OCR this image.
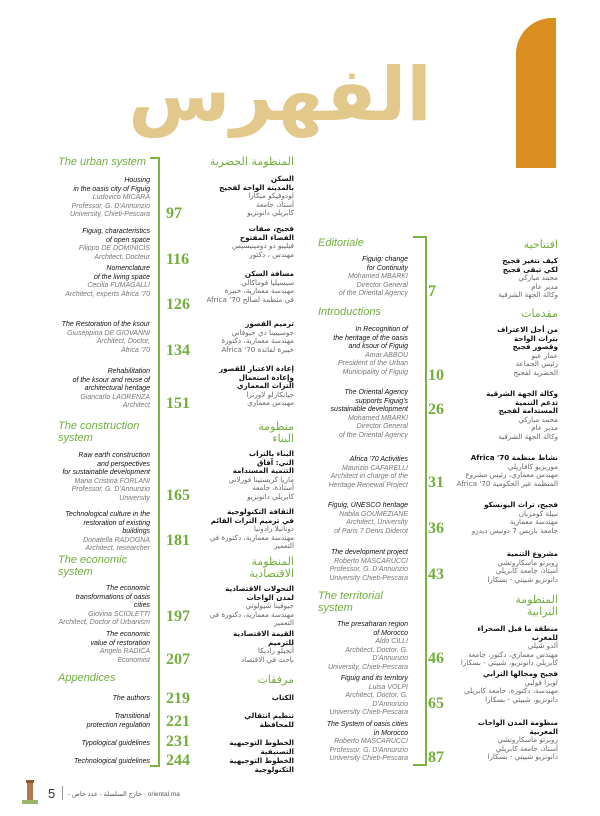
الفهرس
The urban system
Housing
in the oasis city of Figuig
Ludovico MICARA
Professor, G. D'Annunzio
University, Chieti-Pescara
Figuig, characteristics
of open space
Filippo DE DOMINICIS
Architect, Docteur
Nomenclature
of the living space
Cecilia FUMAGALLI
Architect, experts Africa '70
The Restoration of the ksour
Giuseppina DE GIOVANNI
Architect, Doctor,
Africa '70
Rehabilitation
of the ksour and reuse of
architectural heritage
Giancarlo LAORENZA
Architect
The construction
system
Raw earth construction
and perspectives
for sustainable development
Maria Cristina FORLANI
Professor, G. D'Annunzio
University
Technological culture in the
restoration of existing buildings
Donatella RADOGNA
Architect, researcher
The economic
system
The economic
transformations of oasis cities
Giovina SCIOLETTI
Architect, Doctor of Urbanism
The economic
value of restoration
Angelo RADICA
Economist
Appendices
The authors
Transitional
protection regulation
Typological guidelines
Technological guidelines
97
116
126
134
151
165
181
197
207
219
221
231
244
المنظومة الحضرية
السكن
بالمدينة الواحة لفجيج
لودوفيكو ميكارا
أستاذ، جامعة
كابريلي دانونزيو
فجيج، صفات
الفضاء المفتوح
فيليبو دو دومينيسيس
مهندس ، دكتور
مسافة السكن
سيسيليا فوماكالي
مهندسة معمارية، خبيرة
في منظمة لصالح Africa '70
ترميم القصور
جوسيبينا دي جيوفاني
مهندسة معمارية، دكتورة
خبيرة لفائدة Africa '70
إعادة الاعتبار للقصور
وإعادة استعمال
التراث المعماري
جيانكارلو لاورنزا
مهندس معماري
منظومة
البناء
البناء بالتراب
الني: آفاق
التنمية المستدامة
ماريا كريستينا فورلاني
أستاذة، جامعة
كابريلي دانونزيو
الثقافة التكنولوجية
في ترميم التراث القائم
دوناتيلا رادونيا
مهندسة معمارية، دكتورة في التعمير
المنظومة
الاقتصادية
التحولات الاقتصادية
لمدن الواحات
جيوفينا شيولوتي
مهندسة معمارية، دكتورة في التعمير
القيمة الاقتصادية
للترميم
أنجيلو راديكا
باحث في الاقتصاد
مرفقات
الكتاب
تنظيم انتقالي
للمحافظة
الخطوط التوجيهية التصنيفية
الخطوط التوجيهية التكنولوجية
Editoriale
Figuig: change
for Continuity
Mohamed MBARKI
Director General
of the Oriental Agency
Introductions
In Recognition of
the heritage of the oasis
and ksour of Figuig
Amar ABBOU
President of the Urban
Municipality of Figuig
The Oriental Agency
supports Figuig's
sustainable development
Mohamed MBARKI
Director General
of the Oriental Agency
Africa '70 Activities
Maurizio CAFARELLI
Architect in charge of the
Heritage Renewal Project
Figuig, UNESCO heritage
Nabila GOUMEZIANE
Architect, University
of Paris 7 Denis Diderot
The development project
Roberto MASCARUCCI
Professor, G. D'Annunzio
University Chieti-Pescara
The territorial
system
The presaharan region
of Morocco
Aldo CILLI
Architect, Doctor, G. D'Annunzio
University, Chieti-Pescara
Figuig and its territory
Luisa VOLPI
Architect, Doctor, G. D'Annunzio
University Chieti-Pescara
The System of oasis cities
in Morocco
Roberto MASCARUCCI
Professor, G. D'Annunzio
University Chieti-Pescara
7
10
26
31
36
43
46
65
87
افتتاحية
كيف نتغير فجيج
لكي تبقى فجيج
محمد مباركي
مدير عام
وكالة الجهة الشرقية
مقدمات
من أجل الاعتراف
بتراث الواحة
وقصور فجيج
عمار عبو
رئيس الجماعة
الحضرية لفجيج
وكالة الجهة الشرقية
تدعم التنمية
المستدامة لفجيج
محمد مباركي
مدير عام
وكالة الجهة الشرقية
نشاط منظمة Africa '70
موريزيو كافاريلي
مهندس معماري، رئيس مشروع
المنظمة غير الحكومية Africa '70
فجيج، تراث اليونسكو
نبيلة كومزيان
مهندسة معمارية
جامعة باريس 7 دونيس ديدرو
مشروع التنمية
روبرتو ماسكاروتشي
أستاذ، جامعة كابريلي
دانونزيو شييتي - بسكارا
المنظومة
الترابية
منطقة ما قبل الصحراء
للمغرب
ألدو شيلي
مهندس معماري، دكتور، جامعة
كابريلي دانونزيو، شييتي - بسكارا
فجيج ومجالها الترابي
لويزا فولبي
مهندسة، دكتورة، جامعة كابريلي
دانونزيو، شييتي - بسكارا
منظومة المدن الواحات
المغربية
روبرتو ماسكاروتشي
أستاذ، جامعة كابريلي
دانونزيو شييتي - بسكارا
5 - خارج السلسلة - عدد خاص · oriental.ma
